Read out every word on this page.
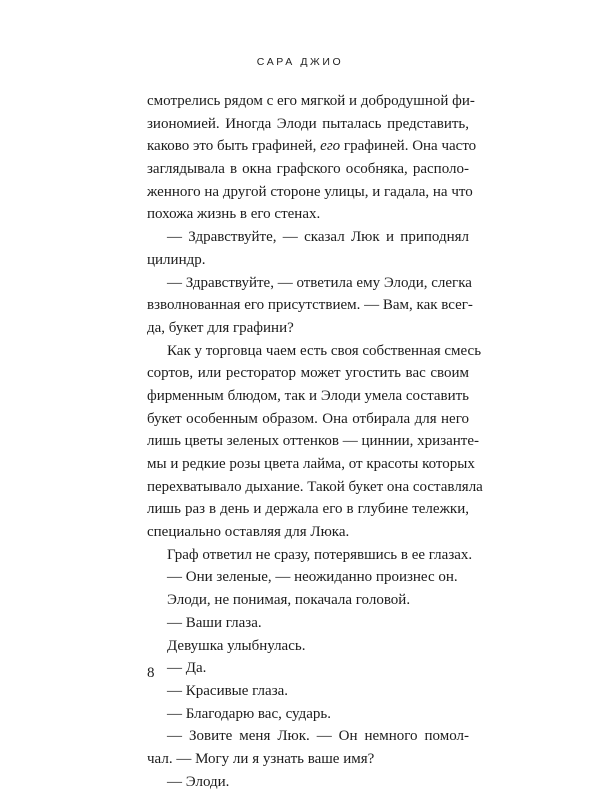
САРА ДЖИО
смотрелись рядом с его мягкой и добродушной фи-
зиономией. Иногда Элоди пыталась представить,
каково это быть графиней, его графиней. Она часто
заглядывала в окна графского особняка, располо-
женного на другой стороне улицы, и гадала, на что
похожа жизнь в его стенах.
— Здравствуйте, — сказал Люк и приподнял
цилиндр.
— Здравствуйте, — ответила ему Элоди, слегка
взволнованная его присутствием. — Вам, как всег-
да, букет для графини?
Как у торговца чаем есть своя собственная смесь
сортов, или ресторатор может угостить вас своим
фирменным блюдом, так и Элоди умела составить
букет особенным образом. Она отбирала для него
лишь цветы зеленых оттенков — циннии, хризанте-
мы и редкие розы цвета лайма, от красоты которых
перехватывало дыхание. Такой букет она составляла
лишь раз в день и держала его в глубине тележки,
специально оставляя для Люка.
Граф ответил не сразу, потерявшись в ее глазах.
— Они зеленые, — неожиданно произнес он.
Элоди, не понимая, покачала головой.
— Ваши глаза.
Девушка улыбнулась.
— Да.
— Красивые глаза.
— Благодарю вас, сударь.
— Зовите меня Люк. — Он немного помол-
чал. — Могу ли я узнать ваше имя?
— Элоди.
8
